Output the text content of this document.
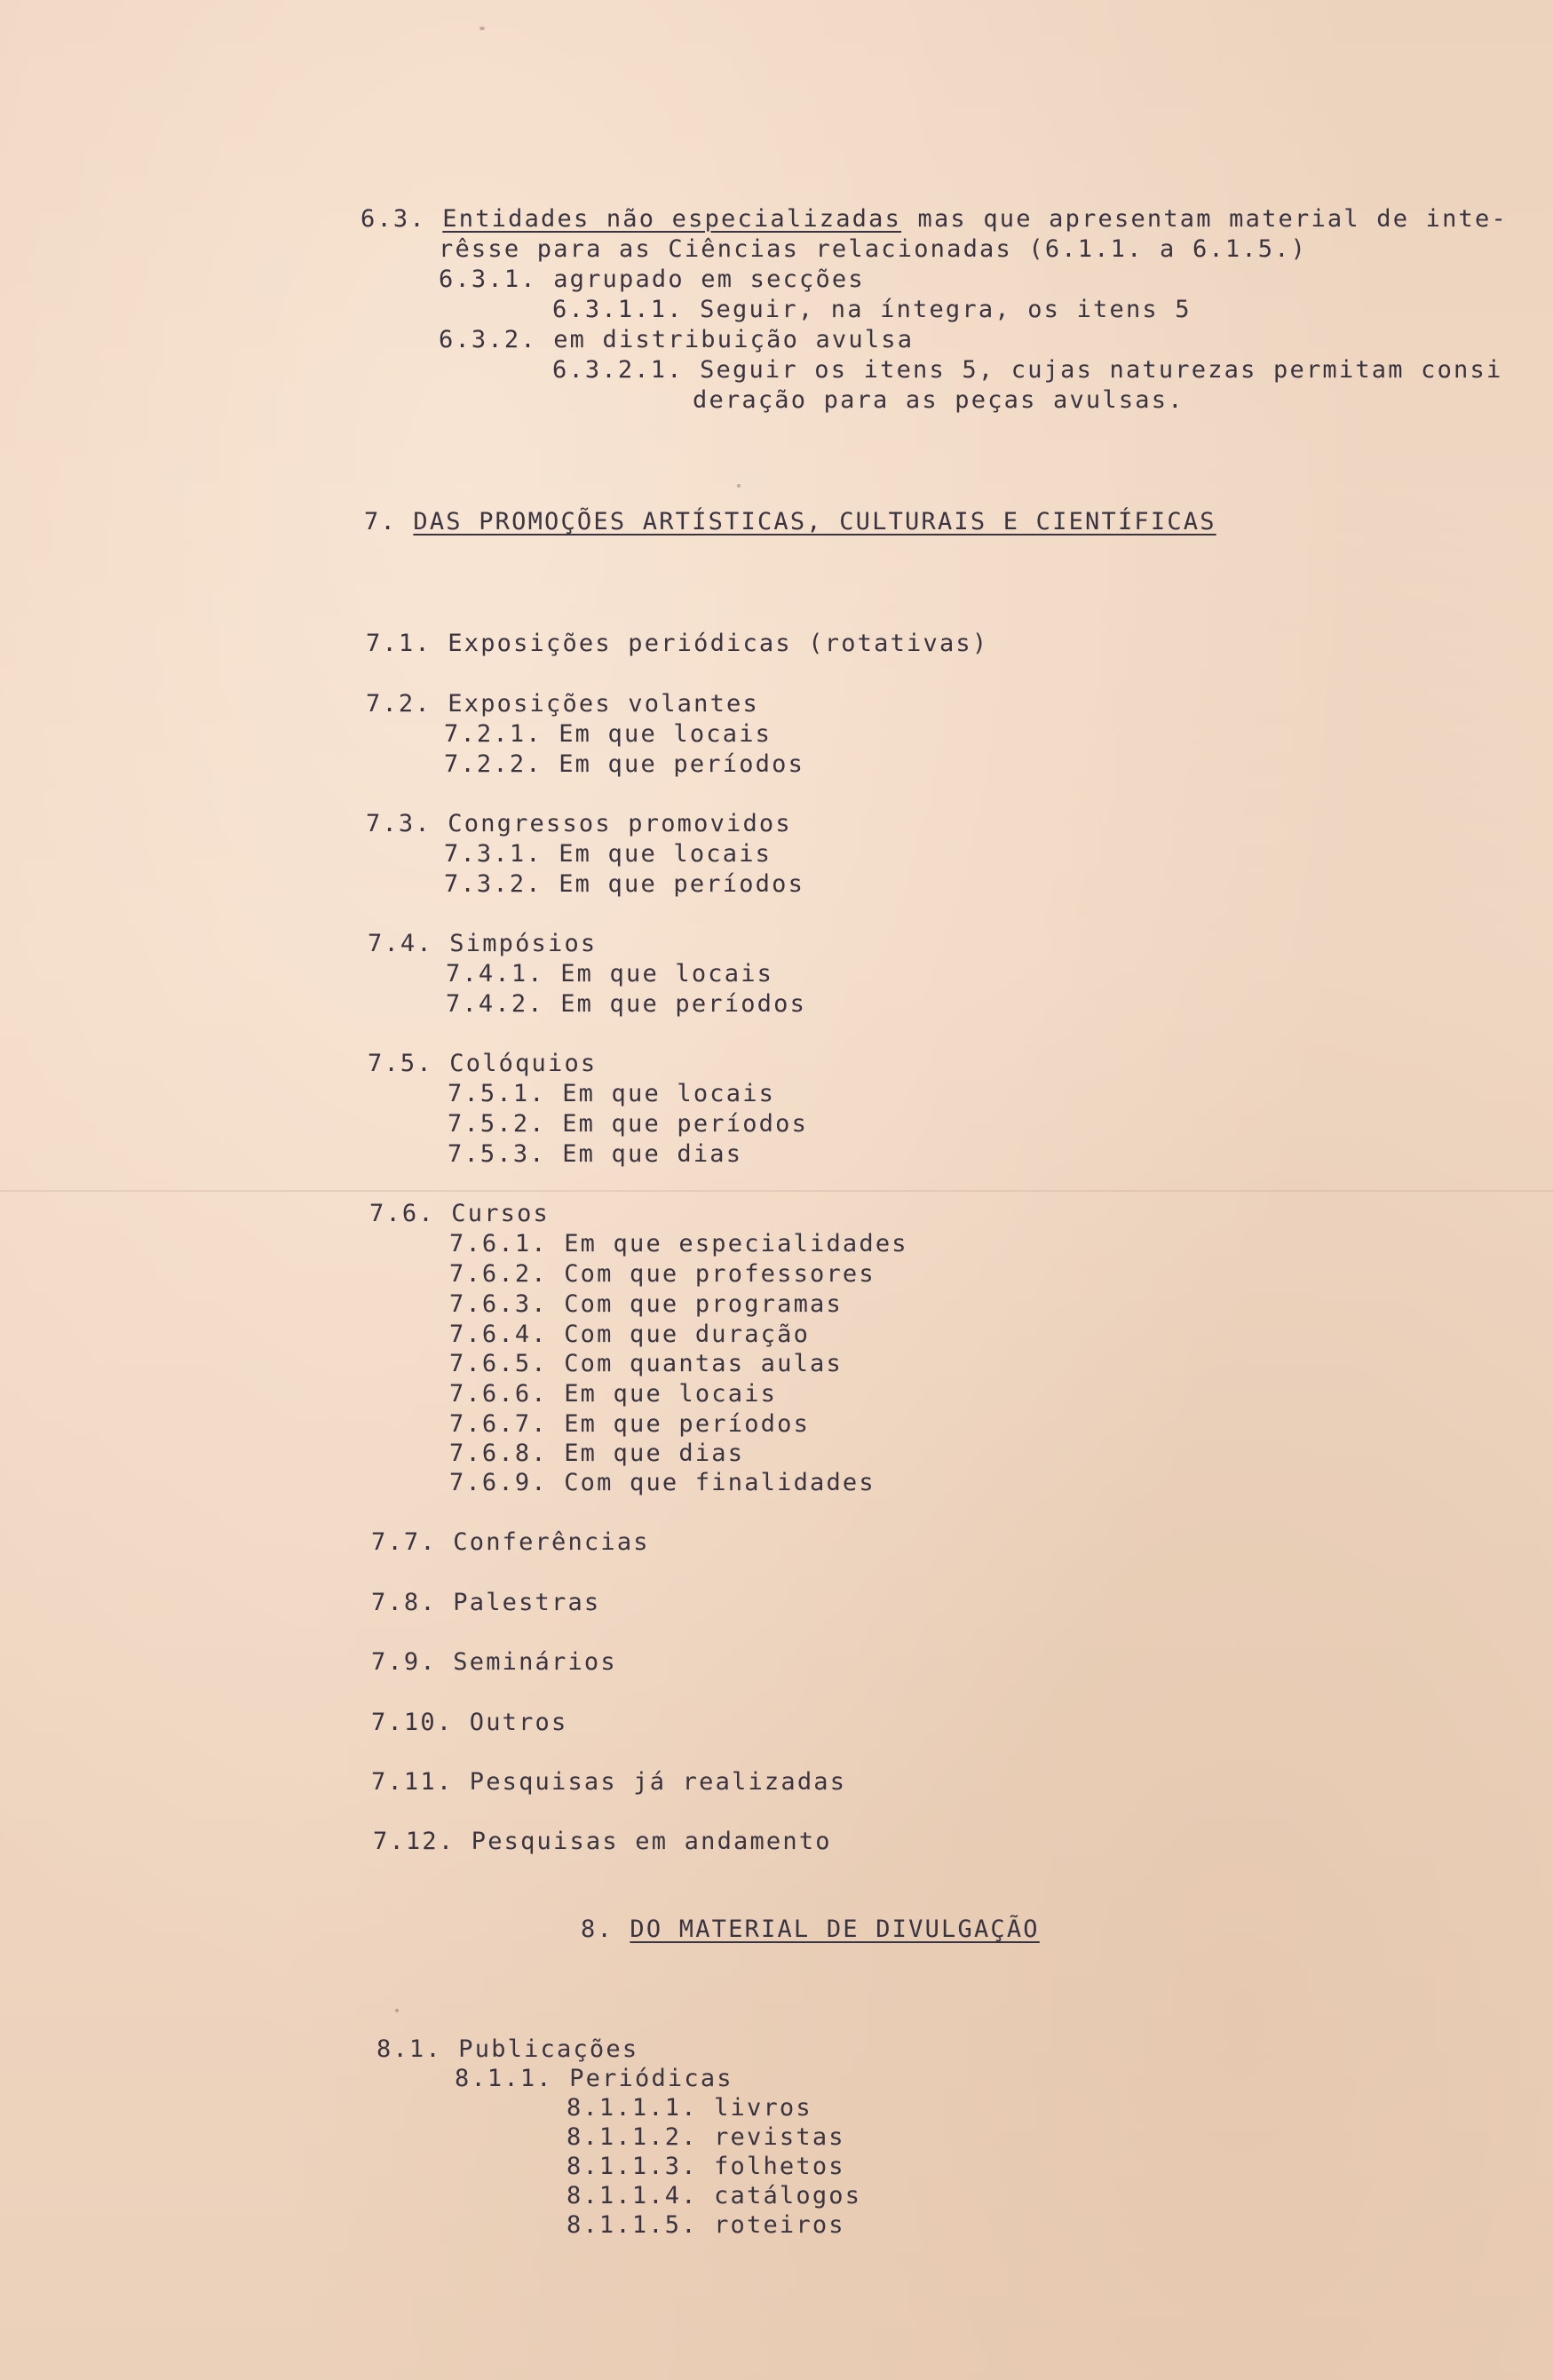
6.3. Entidades não especializadas mas que apresentam material de inte-
rêsse para as Ciências relacionadas (6.1.1. a 6.1.5.)
6.3.1. agrupado em secções
6.3.1.1. Seguir, na íntegra, os itens 5
6.3.2. em distribuição avulsa
6.3.2.1. Seguir os itens 5, cujas naturezas permitam consi
deração para as peças avulsas.
7. DAS PROMOÇÕES ARTÍSTICAS, CULTURAIS E CIENTÍFICAS
7.1. Exposições periódicas (rotativas)
7.2. Exposições volantes
7.2.1. Em que locais
7.2.2. Em que períodos
7.3. Congressos promovidos
7.3.1. Em que locais
7.3.2. Em que períodos
7.4. Simpósios
7.4.1. Em que locais
7.4.2. Em que períodos
7.5. Colóquios
7.5.1. Em que locais
7.5.2. Em que períodos
7.5.3. Em que dias
7.6. Cursos
7.6.1. Em que especialidades
7.6.2. Com que professores
7.6.3. Com que programas
7.6.4. Com que duração
7.6.5. Com quantas aulas
7.6.6. Em que locais
7.6.7. Em que períodos
7.6.8. Em que dias
7.6.9. Com que finalidades
7.7. Conferências
7.8. Palestras
7.9. Seminários
7.10. Outros
7.11. Pesquisas já realizadas
7.12. Pesquisas em andamento
8. DO MATERIAL DE DIVULGAÇÃO
8.1. Publicações
8.1.1. Periódicas
8.1.1.1. livros
8.1.1.2. revistas
8.1.1.3. folhetos
8.1.1.4. catálogos
8.1.1.5. roteiros
